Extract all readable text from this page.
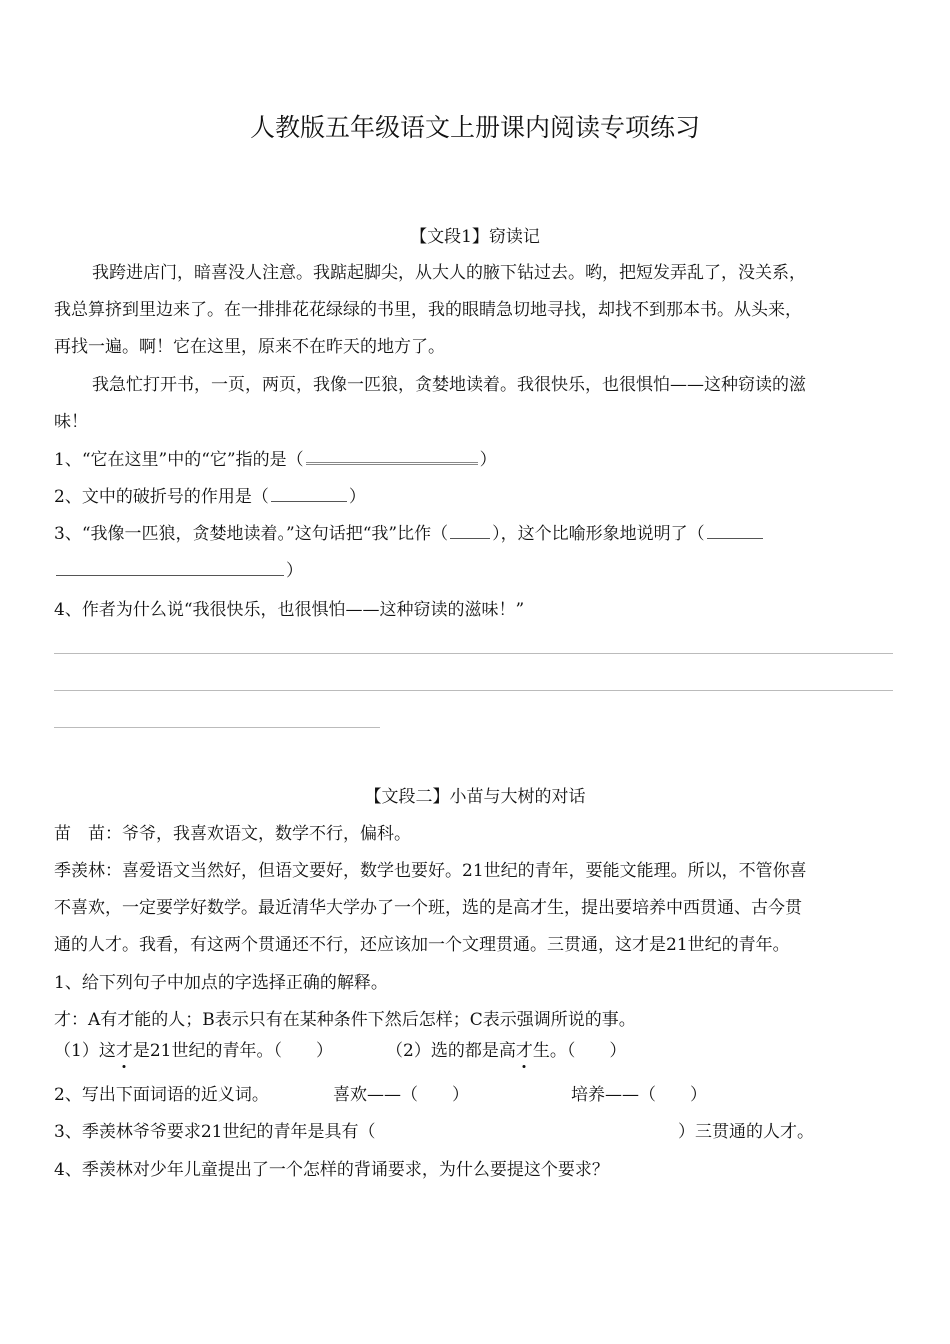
人教版五年级语文上册课内阅读专项练习
【文段1】窃读记
我跨进店门，暗喜没人注意。我踮起脚尖，从大人的腋下钻过去。哟，把短发弄乱了，没关系，
我总算挤到里边来了。在一排排花花绿绿的书里，我的眼睛急切地寻找，却找不到那本书。从头来，
再找一遍。啊！它在这里，原来不在昨天的地方了。
我急忙打开书，一页，两页，我像一匹狼，贪婪地读着。我很快乐，也很惧怕——这种窃读的滋
味！
1、“它在这里”中的“它”指的是（	）
2、文中的破折号的作用是（	）
3、“我像一匹狼，贪婪地读着。”这句话把“我”比作（	），这个比喻形象地说明了（
）
4、作者为什么说“我很快乐，也很惧怕——这种窃读的滋味！”
【文段二】小苗与大树的对话
苗　苗：爷爷，我喜欢语文，数学不行，偏科。
季羡林：喜爱语文当然好，但语文要好，数学也要好。21世纪的青年，要能文能理。所以，不管你喜
不喜欢，一定要学好数学。最近清华大学办了一个班，选的是高才生，提出要培养中西贯通、古今贯
通的人才。我看，有这两个贯通还不行，还应该加一个文理贯通。三贯通，这才是21世纪的青年。
1、给下列句子中加点的字选择正确的解释。
才：A有才能的人；B表示只有在某种条件下然后怎样；C表示强调所说的事。
（1）这才是21世纪的青年。（　　）	（2）选的都是高才生。（　　）
2、写出下面词语的近义词。	喜欢——（　　）	培养——（　　）
3、季羡林爷爷要求21世纪的青年是具有（	）三贯通的人才。
4、季羡林对少年儿童提出了一个怎样的背诵要求，为什么要提这个要求？
